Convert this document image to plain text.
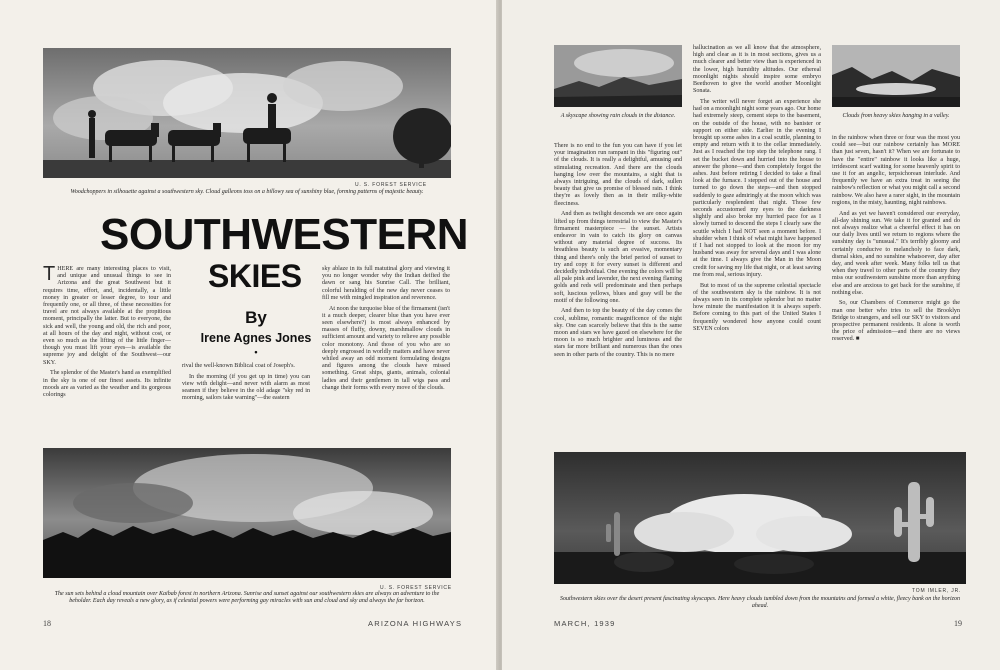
U. S. FOREST SERVICE

Woodchoppers in silhouette against a southwestern sky. Cloud galleons toss on a billowy sea of sunshiny blue, forming patterns of majestic beauty.

SOUTHWESTERN
SKIES
By
Irene Agnes Jones
•

THERE are many interesting places to visit, and unique and unusual things to see in Arizona and the great Southwest but it requires time, effort, and, incidentally, a little money in greater or lesser degree, to tour and frequently one, or all three, of these necessities for travel are not always available at the propitious moment, principally the latter. But to everyone, the sick and well, the young and old, the rich and poor, at all hours of the day and night, without cost, or even so much as the lifting of the little finger—though you must lift your eyes—is available the supreme joy and delight of the Southwest—our SKY.

The splendor of the Master's hand as exemplified in the sky is one of our finest assets. Its infinite moods are as varied as the weather and its gorgeous colorings

rival the well-known Biblical coat of Joseph's.

In the morning (if you get up in time) you can view with delight—and never with alarm as most seamen if they believe in the old adage "sky red in morning, sailors take warning"—the eastern

sky ablaze in its full matutinal glory and viewing it you no longer wonder why the Indian deified the dawn or sang his Sunrise Call. The brilliant, colorful heralding of the new day never ceases to fill me with mingled inspiration and reverence.

At noon the turquoise blue of the firmament (isn't it a much deeper, clearer blue than you have ever seen elsewhere?) is most always enhanced by masses of fluffy, downy, marshmallow clouds in sufficient amount and variety to relieve any possible color monotony. And those of you who are so deeply engrossed in worldly matters and have never whiled away an odd moment formulating designs and figures among the clouds have missed something. Great ships, giants, animals, colonial ladies and their gentlemen in tall wigs pass and change their forms with every move of the clouds.

U. S. FOREST SERVICE

The sun sets behind a cloud mountain over Kaibab forest in northern Arizona. Sunrise and sunset against our southwestern skies are always an adventure to the beholder. Each day reveals a new glory, as if celestial powers were performing gay miracles with sun and cloud and sky and always the far horizon.

18	ARIZONA HIGHWAYS

A skyscape showing rain clouds in the distance.	Clouds from heavy skies hanging in a valley.

There is no end to the fun you can have if you let your imagination run rampant in this "figuring out" of the clouds. It is really a delightful, amusing and stimulating recreation. And there are the clouds hanging low over the mountains, a sight that is always intriguing, and the clouds of dark, sullen beauty that give us promise of blessed rain. I think they're as lovely then as in their milky-white fleeciness.

And then as twilight descends we are once again lifted up from things terrestrial to view the Master's firmament masterpiece — the sunset. Artists endeavor in vain to catch its glory on canvas without any material degree of success. Its breathless beauty is such an evasive, momentary thing and there's only the brief period of sunset to try and copy it for every sunset is different and decidedly individual. One evening the colors will be all pale pink and lavender, the next evening flaming golds and reds will predominate and then perhaps soft, luscious yellows, blues and gray will be the motif of the following one.

And then to top the beauty of the day comes the cool, sublime, romantic magnificence of the night sky. One can scarcely believe that this is the same moon and stars we have gazed on elsewhere for the moon is so much brighter and luminous and the stars far more brilliant and numerous than the ones seen in other parts of the country. This is no mere

hallucination as we all know that the atmosphere, high and clear as it is in most sections, gives us a much clearer and better view than is experienced in the lower, high humidity altitudes. Our ethereal moonlight nights should inspire some embryo Beethoven to give the world another Moonlight Sonata.

The writer will never forget an experience she had on a moonlight night some years ago. Our home had extremely steep, cement steps to the basement, on the outside of the house, with no banister or support on either side. Earlier in the evening I brought up some ashes in a coal scuttle, planning to empty and return with it to the cellar immediately. Just as I reached the top step the telephone rang. I set the bucket down and hurried into the house to answer the phone—and then completely forgot the ashes. Just before retiring I decided to take a final look at the furnace. I stepped out of the house and turned to go down the steps—and then stopped suddenly to gaze admiringly at the moon which was particularly resplendent that night. Those few seconds accustomed my eyes to the darkness slightly and also broke my hurried pace for as I slowly turned to descend the steps I clearly saw the scuttle which I had NOT seen a moment before. I shudder when I think of what might have happened if I had not stopped to look at the moon for my husband was away for several days and I was alone at the time. I always give the Man in the Moon credit for saving my life that night, or at least saving me from real, serious injury.

But to most of us the supreme celestial spectacle of the southwestern sky is the rainbow. It is not always seen in its complete splendor but no matter how minute the manifestation it is always superb. Before coming to this part of the United States I frequently wondered how anyone could count SEVEN colors

in the rainbow when three or four was the most you could see—but our rainbow certainly has MORE than just seven, hasn't it? When we are fortunate to have the "entire" rainbow it looks like a huge, irridescent scarf waiting for some heavenly spirit to use it for an angelic, terpsichorean interlude. And frequently we have an extra treat in seeing the rainbow's reflection or what you might call a second rainbow. We also have a rarer sight, in the mountain regions, in the misty, haunting, night rainbows.

And as yet we haven't considered our everyday, all-day shining sun. We take it for granted and do not always realize what a cheerful effect it has on our daily lives until we return to regions where the sunshiny day is "unusual." It's terribly gloomy and certainly conducive to melancholy to face dark, dismal skies, and no sunshine whatsoever, day after day, and week after week. Many folks tell us that when they travel to other parts of the country they miss our southwestern sunshine more than anything else and are anxious to get back for the sunshine, if nothing else.

So, our Chambers of Commerce might go the man one better who tries to sell the Brooklyn Bridge to strangers, and sell our SKY to visitors and prospective permanent residents. It alone is worth the price of admission—and there are no views reserved. ■

TOM IMLER, JR.

Southwestern skies over the desert present fascinating skyscapes. Here heavy clouds tumbled down from the mountains and formed a white, fleecy bank on the horizon ahead.

MARCH, 1939	19
